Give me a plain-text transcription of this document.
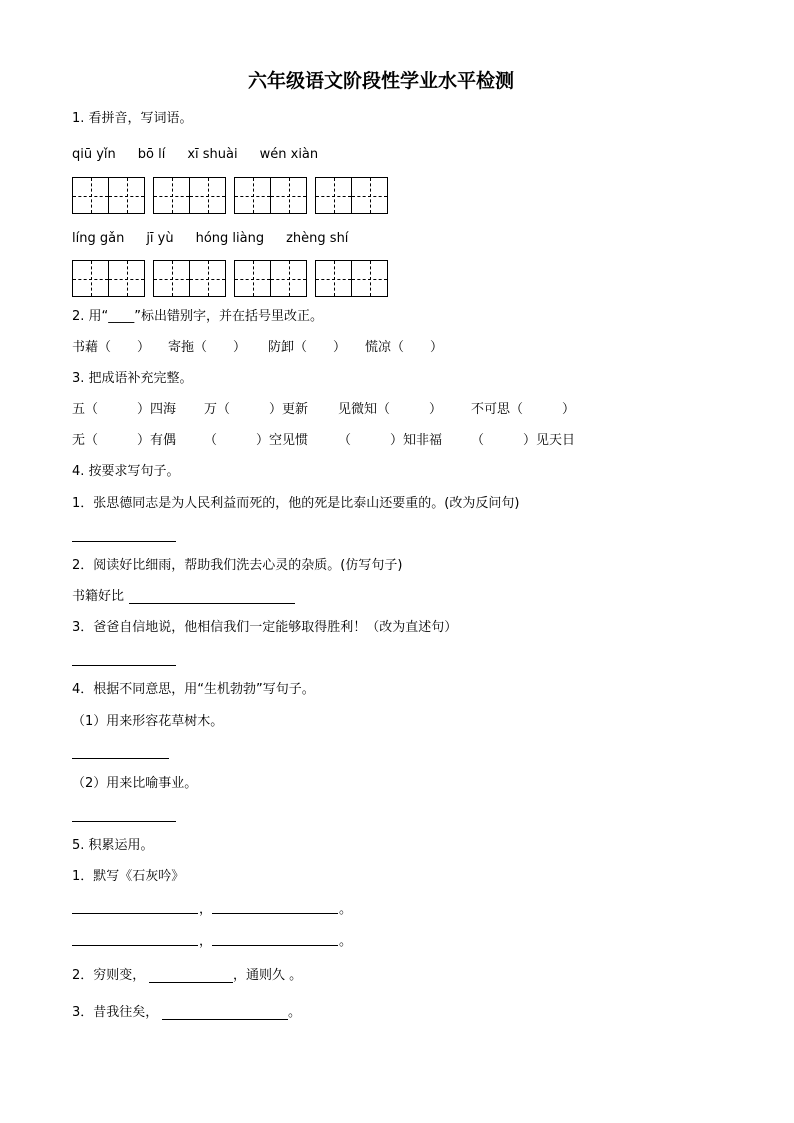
六年级语文阶段性学业水平检测
1. 看拼音，写词语。
qiū yǐn bō lí xī shuài wén xiàn
líng gǎn jī yù hóng liàng zhèng shí
2. 用“____”标出错别字，并在括号里改正。
书藉（　　） 寄拖（　　） 防卸（　　） 慌凉（　　）
3. 把成语补充完整。
五（　　　）四海 万（　　　）更新 见微知（　　　） 不可思（　　　）
无（　　　）有偶 （　　　）空见惯 （　　　）知非福 （　　　）见天日
4. 按要求写句子。
1．张思德同志是为人民利益而死的，他的死是比泰山还要重的。(改为反问句)
2．阅读好比细雨，帮助我们洗去心灵的杂质。(仿写句子)
书籍好比
3．爸爸自信地说，他相信我们一定能够取得胜利！（改为直述句）
4．根据不同意思，用“生机勃勃”写句子。
（1）用来形容花草树木。
（2）用来比喻事业。
5. 积累运用。
1．默写《石灰吟》
，	。
，	。
2．穷则变，	，通则久 。
3．昔我往矣，	。
